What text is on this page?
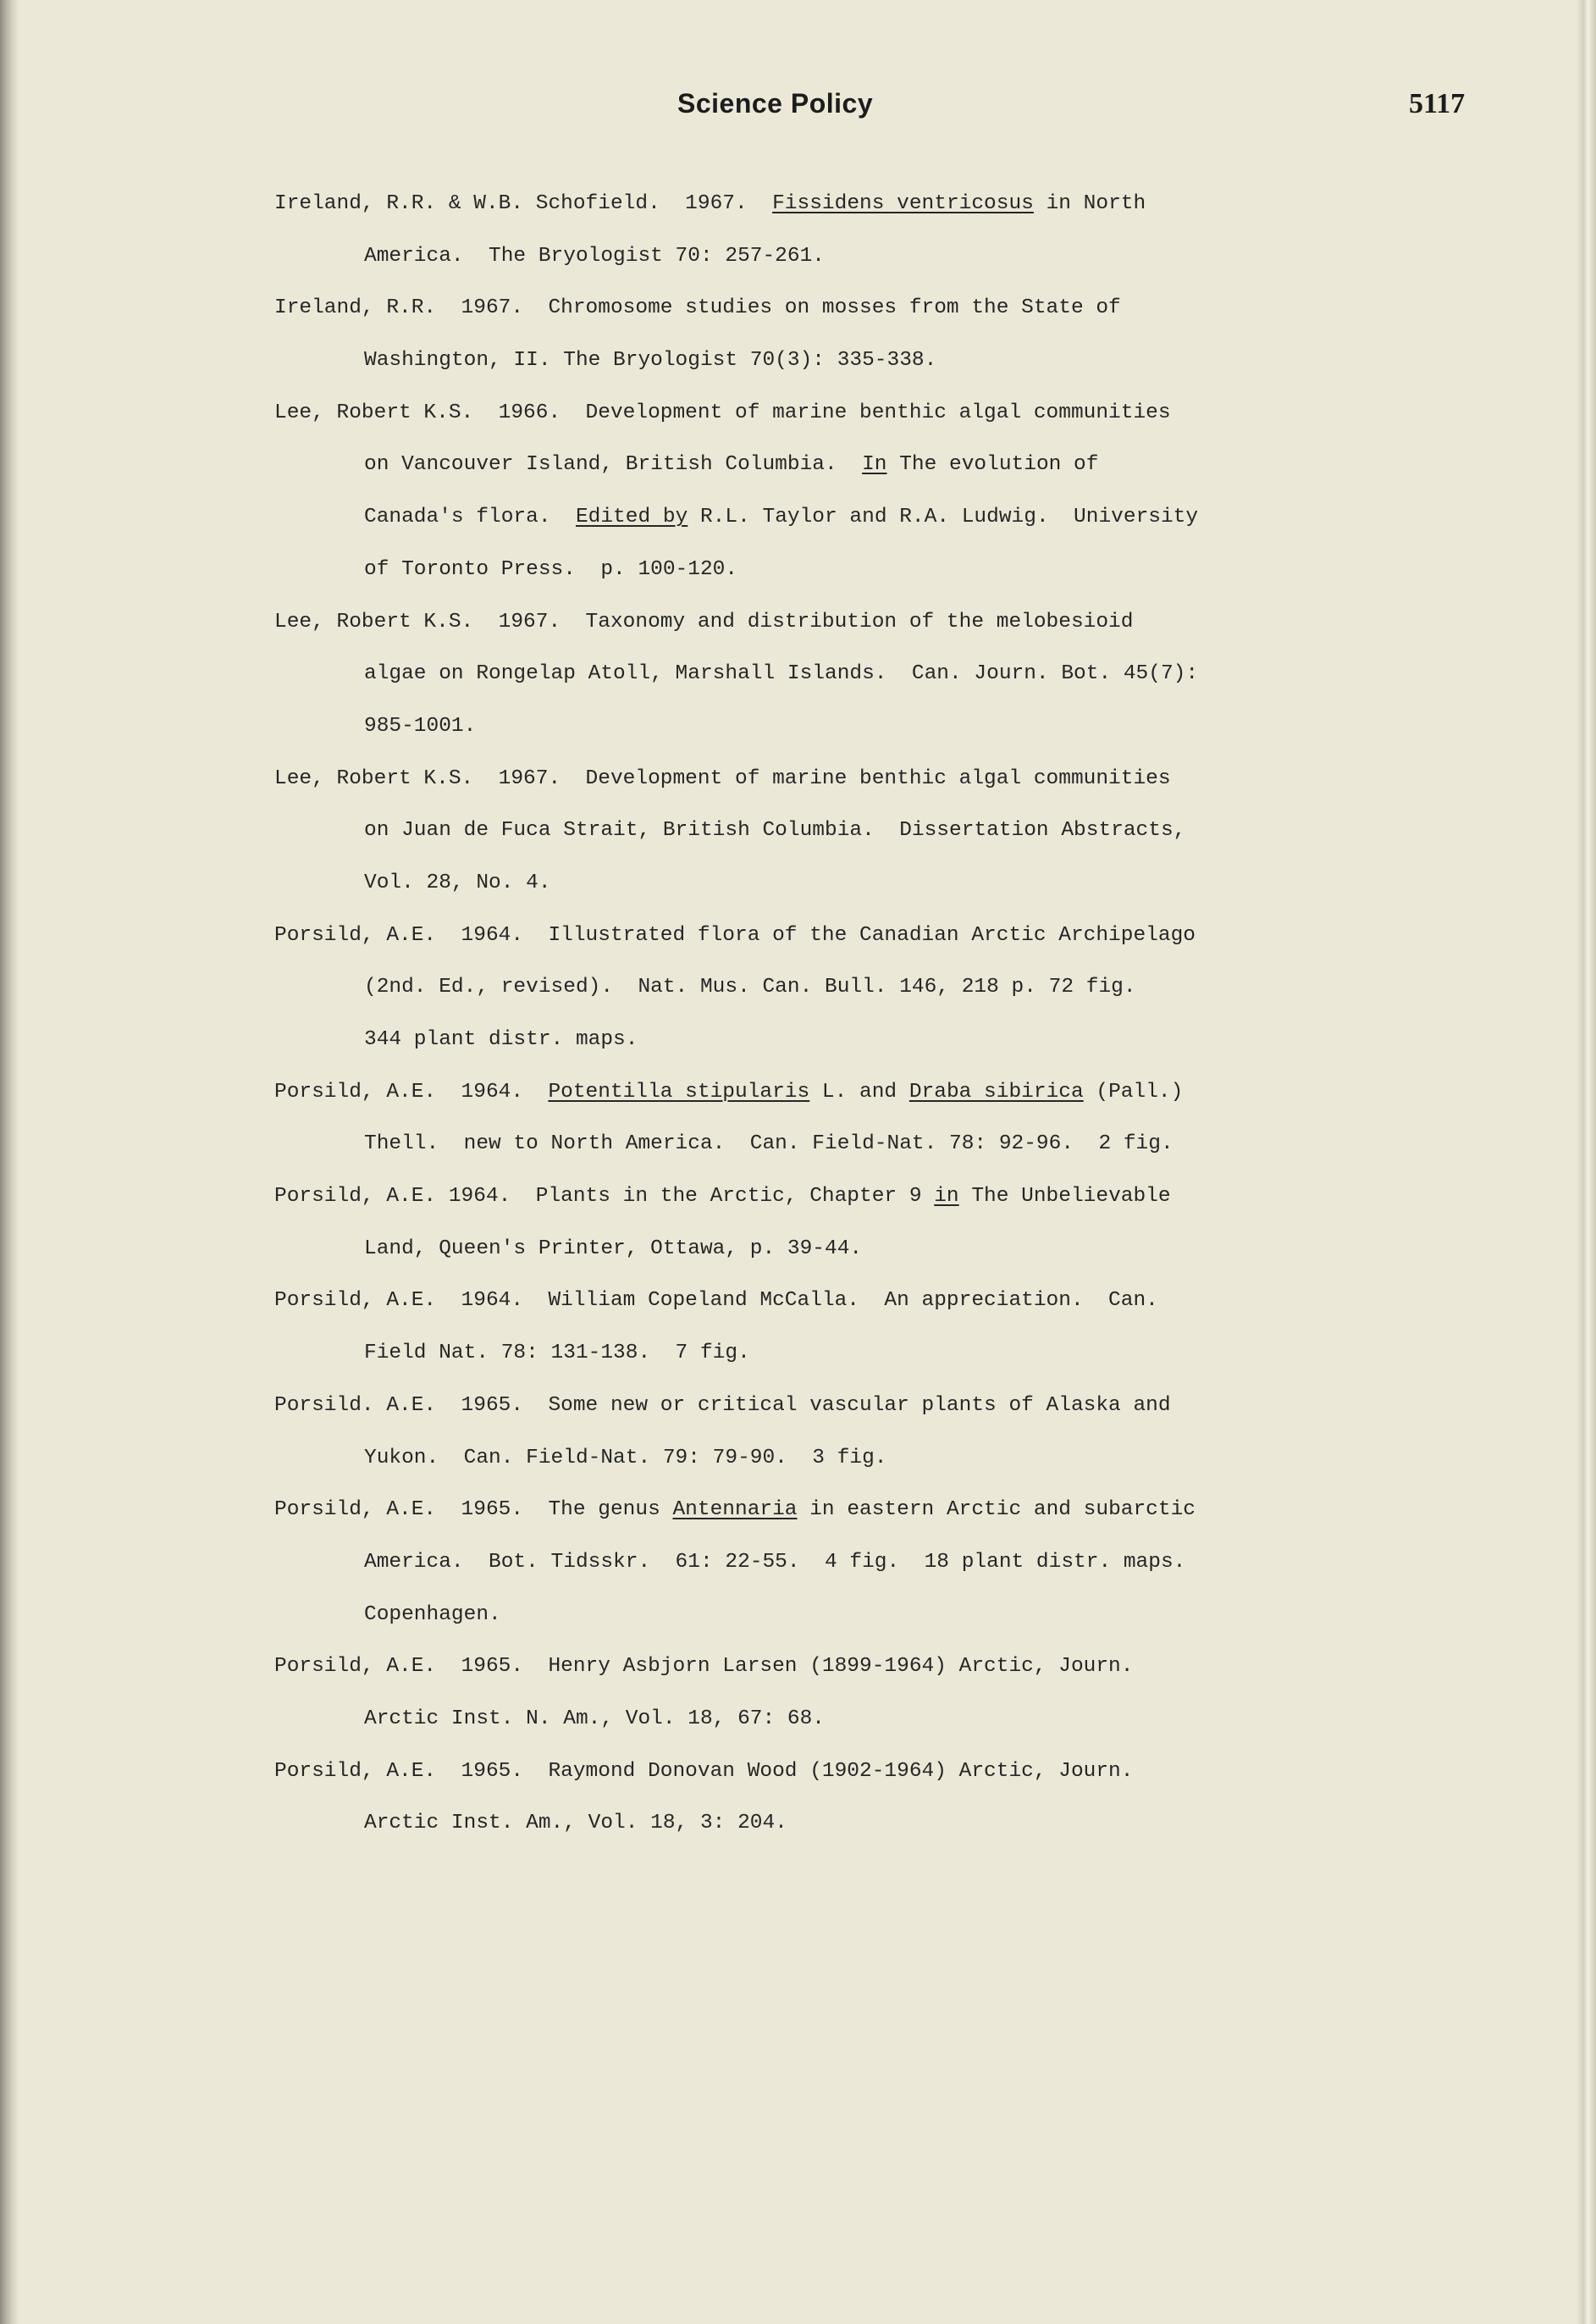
Science Policy	5117
Ireland, R.R. & W.B. Schofield.  1967.  Fissidens ventricosus in North
America.  The Bryologist 70: 257-261.
Ireland, R.R.  1967.  Chromosome studies on mosses from the State of
Washington, II. The Bryologist 70(3): 335-338.
Lee, Robert K.S.  1966.  Development of marine benthic algal communities
on Vancouver Island, British Columbia.  In The evolution of
Canada's flora.  Edited by R.L. Taylor and R.A. Ludwig.  University
of Toronto Press.  p. 100-120.
Lee, Robert K.S.  1967.  Taxonomy and distribution of the melobesioid
algae on Rongelap Atoll, Marshall Islands.  Can. Journ. Bot. 45(7):
985-1001.
Lee, Robert K.S.  1967.  Development of marine benthic algal communities
on Juan de Fuca Strait, British Columbia.  Dissertation Abstracts,
Vol. 28, No. 4.
Porsild, A.E.  1964.  Illustrated flora of the Canadian Arctic Archipelago
(2nd. Ed., revised).  Nat. Mus. Can. Bull. 146, 218 p. 72 fig.
344 plant distr. maps.
Porsild, A.E.  1964.  Potentilla stipularis L. and Draba sibirica (Pall.)
Thell.  new to North America.  Can. Field-Nat. 78: 92-96.  2 fig.
Porsild, A.E. 1964.  Plants in the Arctic, Chapter 9 in The Unbelievable
Land, Queen's Printer, Ottawa, p. 39-44.
Porsild, A.E.  1964.  William Copeland McCalla.  An appreciation.  Can.
Field Nat. 78: 131-138.  7 fig.
Porsild. A.E.  1965.  Some new or critical vascular plants of Alaska and
Yukon.  Can. Field-Nat. 79: 79-90.  3 fig.
Porsild, A.E.  1965.  The genus Antennaria in eastern Arctic and subarctic
America.  Bot. Tidsskr.  61: 22-55.  4 fig.  18 plant distr. maps.
Copenhagen.
Porsild, A.E.  1965.  Henry Asbjorn Larsen (1899-1964) Arctic, Journ.
Arctic Inst. N. Am., Vol. 18, 67: 68.
Porsild, A.E.  1965.  Raymond Donovan Wood (1902-1964) Arctic, Journ.
Arctic Inst. Am., Vol. 18, 3: 204.
